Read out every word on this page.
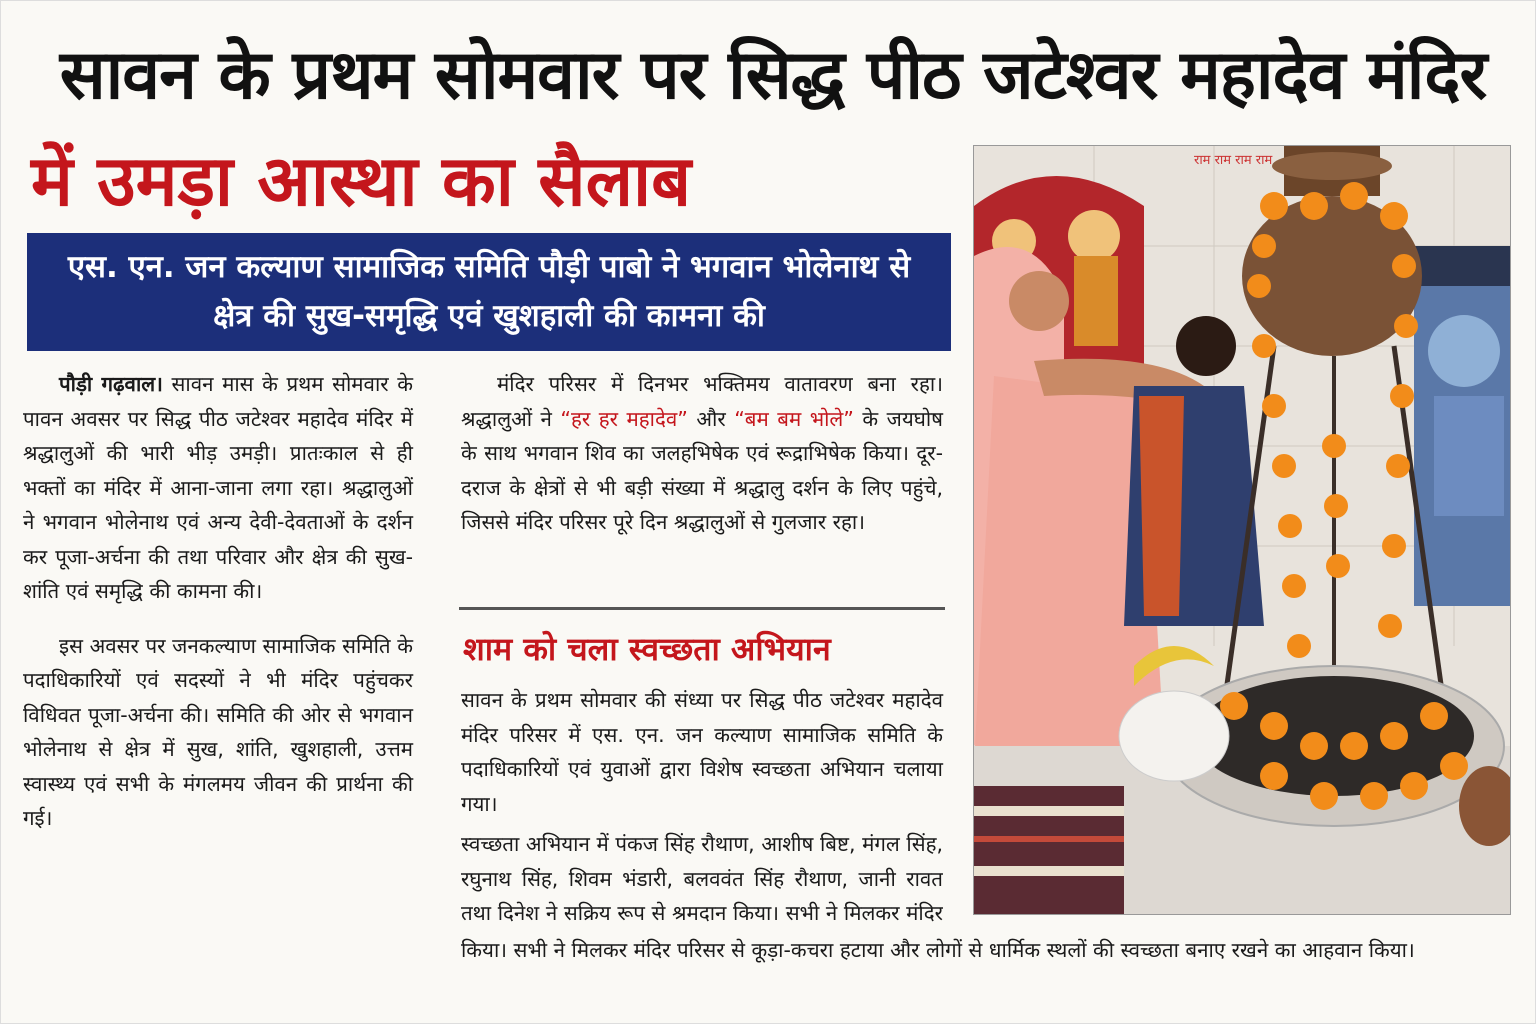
सावन के प्रथम सोमवार पर सिद्ध पीठ जटेश्वर महादेव मंदिर
में उमड़ा आस्था का सैलाब

एस. एन. जन कल्याण सामाजिक समिति पौड़ी पाबो ने भगवान भोलेनाथ से

क्षेत्र की सुख-समृद्धि एवं खुशहाली की कामना की

पौड़ी गढ़वाल। सावन मास के प्रथम सोमवार के पावन अवसर पर सिद्ध पीठ जटेश्वर महादेव मंदिर में श्रद्धालुओं की भारी भीड़ उमड़ी। प्रातःकाल से ही भक्तों का मंदिर में आना-जाना लगा रहा। श्रद्धालुओं ने भगवान भोलेनाथ एवं अन्य देवी-देवताओं के दर्शन कर पूजा-अर्चना की तथा परिवार और क्षेत्र की सुख-शांति एवं समृद्धि की कामना की।

इस अवसर पर जनकल्याण सामाजिक समिति के पदाधिकारियों एवं सदस्यों ने भी मंदिर पहुंचकर विधिवत पूजा-अर्चना की। समिति की ओर से भगवान भोलेनाथ से क्षेत्र में सुख, शांति, खुशहाली, उत्तम स्वास्थ्य एवं सभी के मंगलमय जीवन की प्रार्थना की गई।

मंदिर परिसर में दिनभर भक्तिमय वातावरण बना रहा। श्रद्धालुओं ने “हर हर महादेव” और “बम बम भोले” के जयघोष के साथ भगवान शिव का जलहभिषेक एवं रूद्राभिषेक किया। दूर-दराज के क्षेत्रों से भी बड़ी संख्या में श्रद्धालु दर्शन के लिए पहुंचे, जिससे मंदिर परिसर पूरे दिन श्रद्धालुओं से गुलजार रहा।

शाम को चला स्वच्छता अभियान

सावन के प्रथम सोमवार की संध्या पर सिद्ध पीठ जटेश्वर महादेव मंदिर परिसर में एस. एन. जन कल्याण सामाजिक समिति के पदाधिकारियों एवं युवाओं द्वारा विशेष स्वच्छता अभियान चलाया गया।

स्वच्छता अभियान में पंकज सिंह रौथाण, आशीष बिष्ट, मंगल सिंह, रघुनाथ सिंह, शिवम भंडारी, बलववंत सिंह रौथाण, जानी रावत तथा दिनेश ने सक्रिय रूप से श्रमदान किया। सभी ने मिलकर मंदिर

किया। सभी ने मिलकर मंदिर परिसर से कूड़ा-कचरा हटाया और लोगों से धार्मिक स्थलों की स्वच्छता बनाए रखने का आहवान किया।

राम राम राम राम
